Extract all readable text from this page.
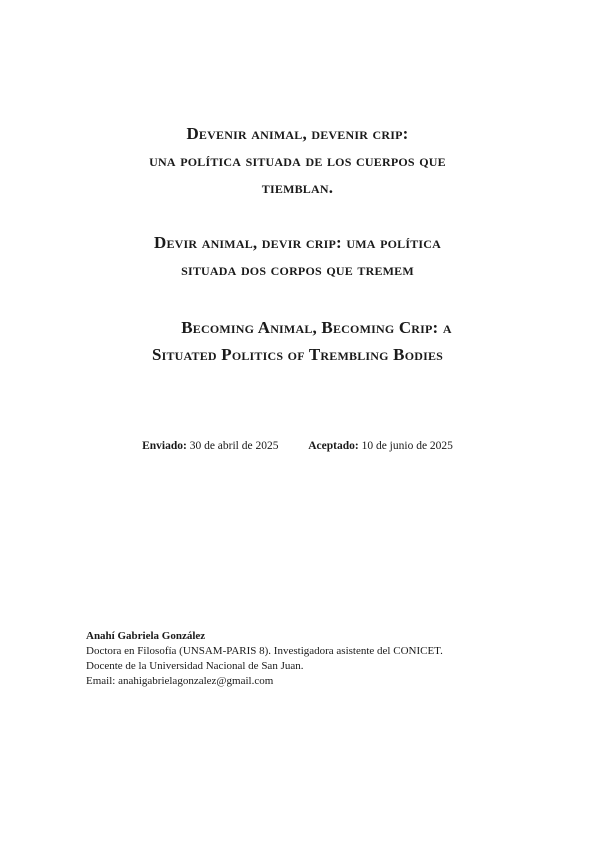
Devenir animal, devenir crip:
una política situada de los cuerpos que
tiemblan.
Devir animal, devir crip: uma política
situada dos corpos que tremem
Becoming Animal, Becoming Crip: a
Situated Politics of Trembling Bodies
Enviado: 30 de abril de 2025	Aceptado: 10 de junio de 2025
Anahí Gabriela González
Doctora en Filosofía (UNSAM-PARIS 8). Investigadora asistente del CONICET.
Docente de la Universidad Nacional de San Juan.
Email: anahigabrielagonzalez@gmail.com
